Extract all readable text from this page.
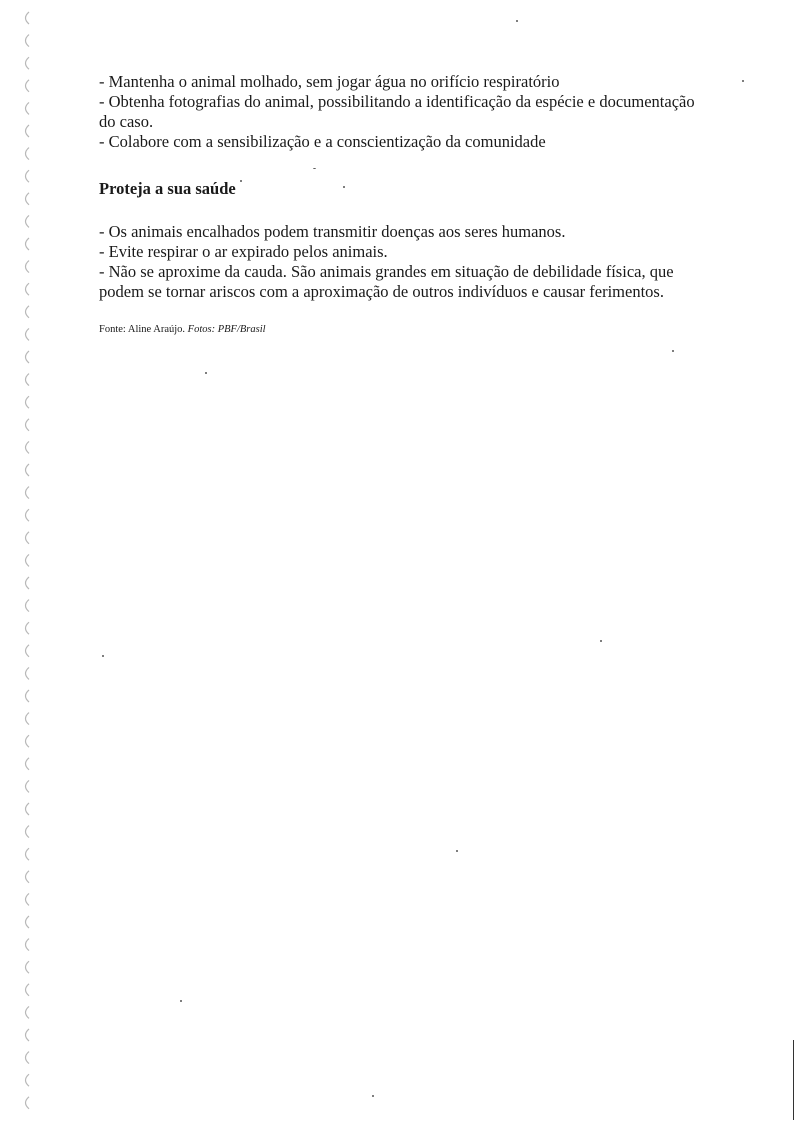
- Mantenha o animal molhado, sem jogar água no orifício respiratório
- Obtenha fotografias do animal, possibilitando a identificação da espécie e documentação do caso.
- Colabore com a sensibilização e a conscientização da comunidade
Proteja a sua saúde
- Os animais encalhados podem transmitir doenças aos seres humanos.
- Evite respirar o ar expirado pelos animais.
- Não se aproxime da cauda. São animais grandes em situação de debilidade física, que podem se tornar ariscos com a aproximação de outros indivíduos e causar ferimentos.
Fonte: Aline Araújo. Fotos: PBF/Brasil
